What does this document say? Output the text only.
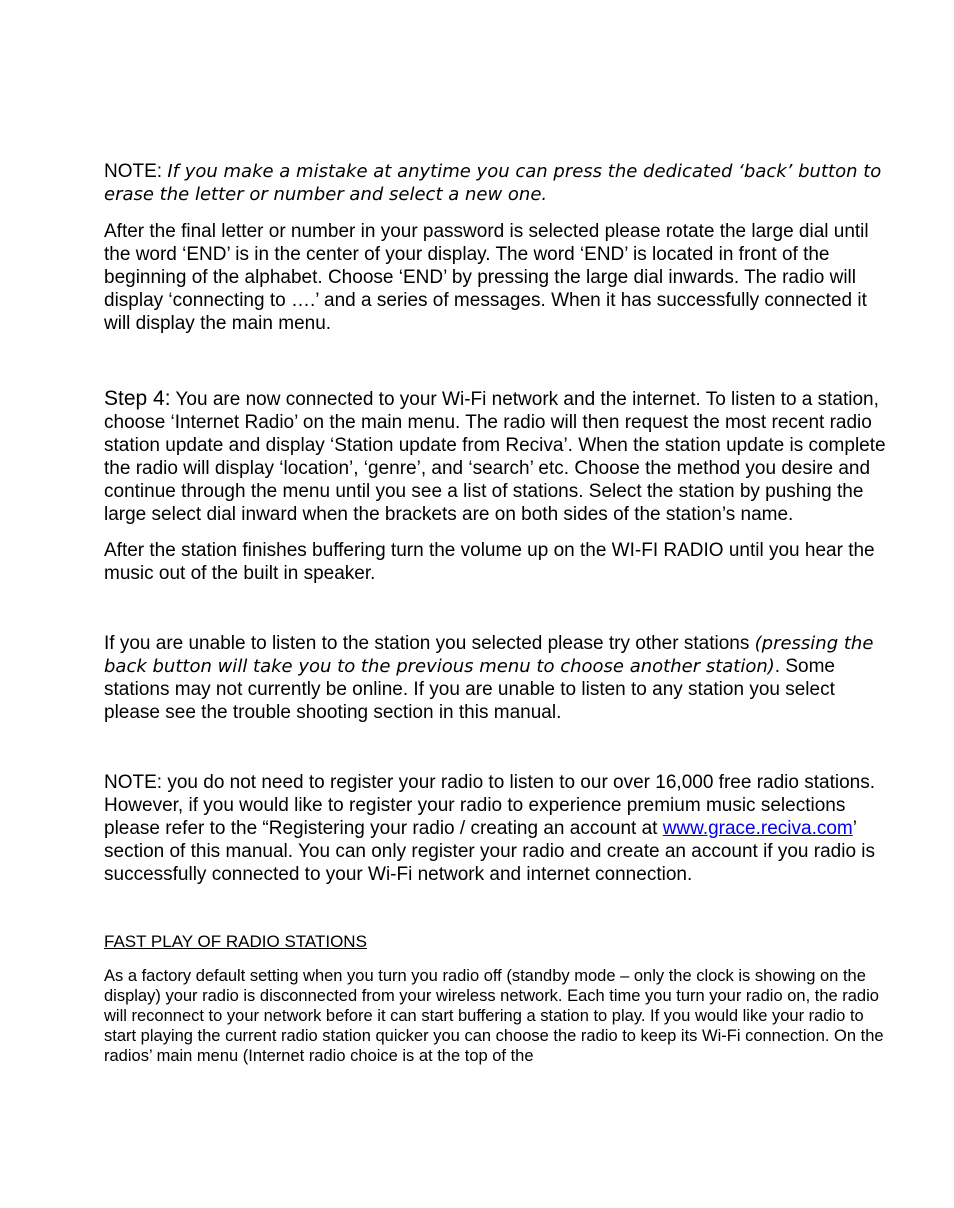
NOTE: If you make a mistake at anytime you can press the dedicated ‘back’ button to erase the letter or number and select a new one.

After the final letter or number in your password is selected please rotate the large dial until the word ‘END’ is in the center of your display. The word ‘END’ is located in front of the beginning of the alphabet. Choose ‘END’ by pressing the large dial inwards. The radio will display ‘connecting to ….’ and a series of messages. When it has successfully connected it will display the main menu.

Step 4: You are now connected to your Wi-Fi network and the internet. To listen to a station, choose ‘Internet Radio’ on the main menu. The radio will then request the most recent radio station update and display ‘Station update from Reciva’. When the station update is complete the radio will display ‘location’, ‘genre’, and ‘search’ etc. Choose the method you desire and continue through the menu until you see a list of stations. Select the station by pushing the large select dial inward when the brackets are on both sides of the station’s name.

After the station finishes buffering turn the volume up on the WI-FI RADIO until you hear the music out of the built in speaker.

If you are unable to listen to the station you selected please try other stations (pressing the back button will take you to the previous menu to choose another station). Some stations may not currently be online. If you are unable to listen to any station you select please see the trouble shooting section in this manual.

NOTE: you do not need to register your radio to listen to our over 16,000 free radio stations. However, if you would like to register your radio to experience premium music selections please refer to the “Registering your radio / creating an account at www.grace.reciva.com’ section of this manual. You can only register your radio and create an account if you radio is successfully connected to your Wi-Fi network and internet connection.

FAST PLAY OF RADIO STATIONS

As a factory default setting when you turn you radio off (standby mode – only the clock is showing on the display) your radio is disconnected from your wireless network. Each time you turn your radio on, the radio will reconnect to your network before it can start buffering a station to play. If you would like your radio to start playing the current radio station quicker you can choose the radio to keep its Wi-Fi connection. On the radios’ main menu (Internet radio choice is at the top of the
